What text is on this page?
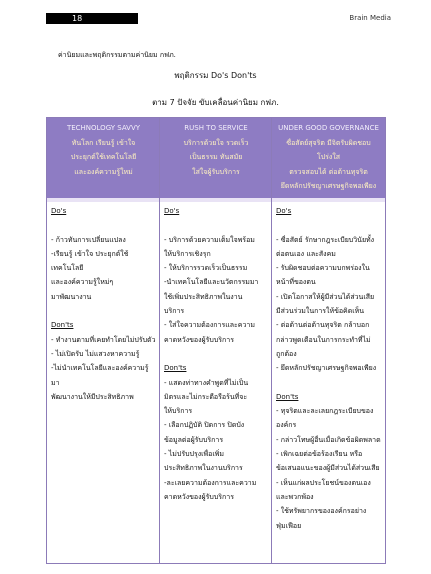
18	Brain Media
ค่านิยมและพฤติกรรมตามค่านิยม กฟภ.
พฤติกรรม Do's Don'ts
ตาม 7 ปัจจัย ขับเคลื่อนค่านิยม กฟภ.
TECHNOLOGY SAVVY
ทันโลก เรียนรู้ เข้าใจ
ประยุกต์ใช้เทคโนโลยี
และองค์ความรู้ใหม่
RUSH TO SERVICE
บริการด้วยใจ รวดเร็ว
เป็นธรรม ทันสมัย
ใส่ใจผู้รับบริการ
UNDER GOOD GOVERNANCE
ซื่อสัตย์สุจริต มีจิตรับผิดชอบ
โปร่งใส
ตรวจสอบได้ ต่อต้านทุจริต
ยึดหลักปรัชญาเศรษฐกิจพอเพียง
Do's
- ก้าวทันการเปลี่ยนแปลง
-เรียนรู้ เข้าใจ ประยุกต์ใช้เทคโนโลยี
และองค์ความรู้ใหม่ๆ
มาพัฒนางาน
Don'ts
- ทำงานตามที่เคยทำโดยไม่ปรับตัว
- ไม่เปิดรับ ไม่แสวงหาความรู้
-ไม่นำเทคโนโลยีและองค์ความรู้มา
พัฒนางานให้มีประสิทธิภาพ
Do's
- บริการด้วยความเต็มใจพร้อม
ให้บริการเชิงรุก
- ให้บริการรวดเร็วเป็นธรรม
-นำเทคโนโลยีและนวัตกรรมมา
ใช้เพิ่มประสิทธิภาพในงาน
บริการ
- ใส่ใจความต้องการและความ
คาดหวังของผู้รับบริการ
Don'ts
- แสดงท่าทางคำพูดที่ไม่เป็น
มิตรและไม่กระตือรือร้นที่จะ
ให้บริการ
- เลือกปฏิบัติ ปิดการ ปิดบัง
ข้อมูลต่อผู้รับบริการ
- ไม่ปรับปรุงเพื่อเพิ่ม
ประสิทธิภาพในงานบริการ
-ละเลยความต้องการและความ
คาดหวังของผู้รับบริการ
Do's
- ซื่อสัตย์ รักษากฎระเบียบวินัยทั้ง
ต่อตนเอง และสังคม
- รับผิดชอบต่อความบกพร่องใน
หน้าที่ของตน
- เปิดโอกาสให้ผู้มีส่วนได้ส่วนเสีย
มีส่วนร่วมในการให้ข้อคิดเห็น
- ต่อต้านต่อต้านทุจริต กล้าบอก
กล่าวพูดเตือนในการกระทำที่ไม่
ถูกต้อง
- ยึดหลักปรัชญาเศรษฐกิจพอเพียง
Don'ts
- ทุจริตและละเลยกฎระเบียบของ
องค์กร
- กล่าวโทษผู้อื่นเมื่อเกิดข้อผิดพลาด
- เพิกเฉยต่อข้อร้องเรียน หรือ
ข้อเสนอแนะของผู้มีส่วนได้ส่วนเสีย
- เห็นแก่ผลประโยชน์ของตนเอง
และพวกพ้อง
- ใช้ทรัพยากรขององค์กรอย่าง
ฟุ่มเฟือย
